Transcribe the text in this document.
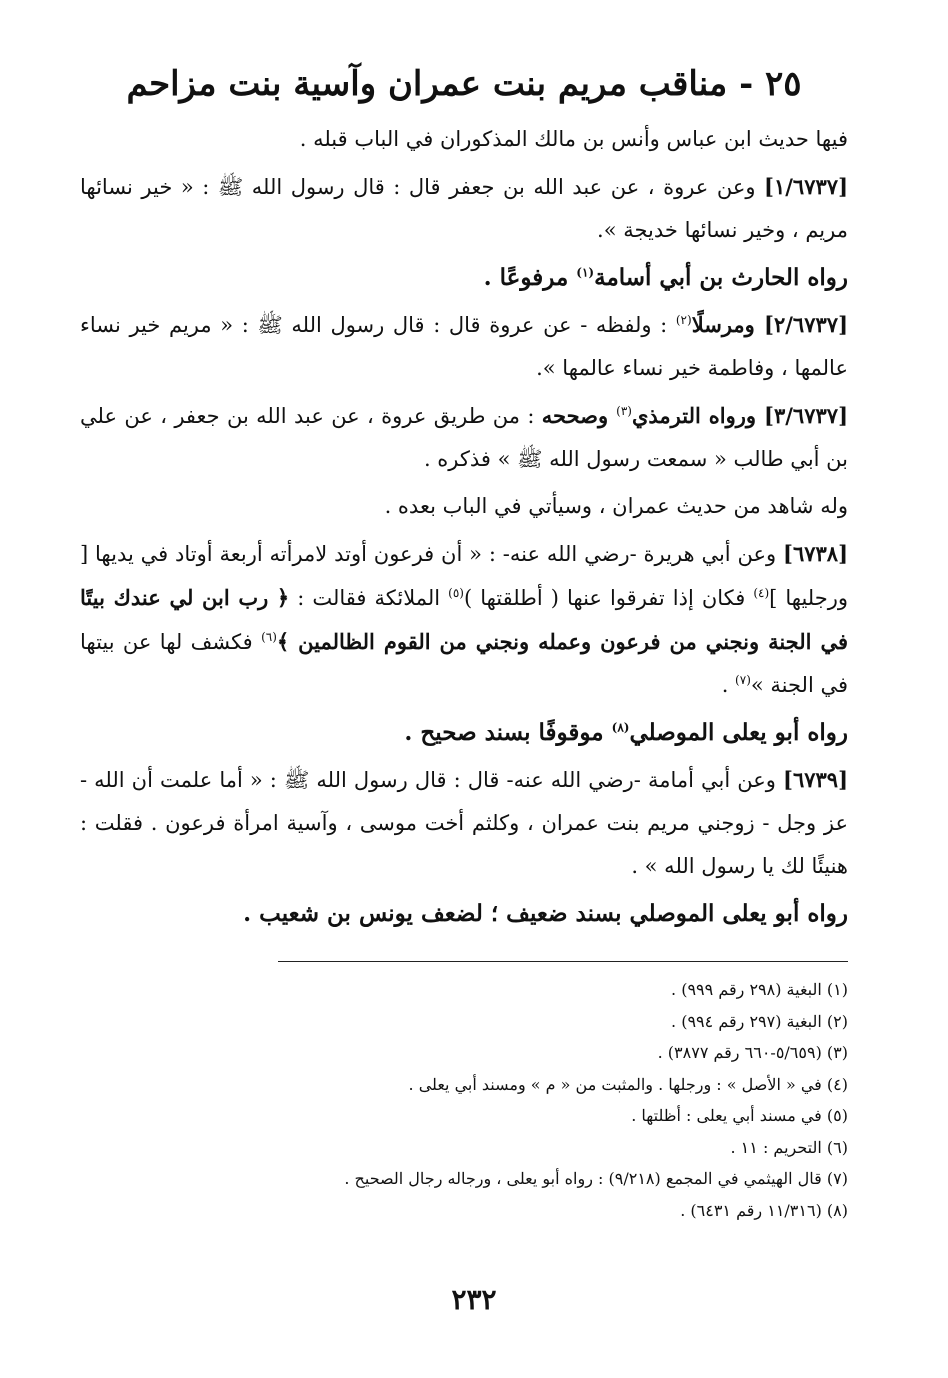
٢٥ - مناقب مريم بنت عمران وآسية بنت مزاحم

فيها حديث ابن عباس وأنس بن مالك المذكوران في الباب قبله .

[١/٦٧٣٧] وعن عروة ، عن عبد الله بن جعفر قال : قال رسول الله ﷺ : « خير نسائها مريم ، وخير نسائها خديجة ».

رواه الحارث بن أبي أسامة$^{(١)}$ مرفوعًا .

[٢/٦٧٣٧] ومرسلًا$^{(٢)}$ : ولفظه - عن عروة قال : قال رسول الله ﷺ : « مريم خير نساء عالمها ، وفاطمة خير نساء عالمها ».

[٣/٦٧٣٧] ورواه الترمذي$^{(٣)}$ وصححه : من طريق عروة ، عن عبد الله بن جعفر ، عن علي بن أبي طالب « سمعت رسول الله ﷺ » فذكره .

وله شاهد من حديث عمران ، وسيأتي في الباب بعده .

[٦٧٣٨] وعن أبي هريرة -رضي الله عنه- : « أن فرعون أوتد لامرأته أربعة أوتاد في يديها [ ورجليها ]$^{(٤)}$ فكان إذا تفرقوا عنها ( أطلقتها )$^{(٥)}$ الملائكة فقالت : ﴿ رب ابن لي عندك بيتًا في الجنة ونجني من فرعون وعمله ونجني من القوم الظالمين ﴾$^{(٦)}$ فكشف لها عن بيتها في الجنة »$^{(٧)}$ .

رواه أبو يعلى الموصلي$^{(٨)}$ موقوفًا بسند صحيح .

[٦٧٣٩] وعن أبي أمامة -رضي الله عنه- قال : قال رسول الله ﷺ : « أما علمت أن الله - عز وجل - زوجني مريم بنت عمران ، وكلثم أخت موسى ، وآسية امرأة فرعون . فقلت : هنيئًا لك يا رسول الله » .

رواه أبو يعلى الموصلي بسند ضعيف ؛ لضعف يونس بن شعيب .

(١) البغية (٢٩٨ رقم ٩٩٩) .
(٢) البغية (٢٩٧ رقم ٩٩٤) .
(٣) (٥/٦٥٩-٦٦٠ رقم ٣٨٧٧) .
(٤) في « الأصل » : ورجلها . والمثبت من « م » ومسند أبي يعلى .
(٥) في مسند أبي يعلى : أظلتها .
(٦) التحريم : ١١ .
(٧) قال الهيثمي في المجمع (٩/٢١٨) : رواه أبو يعلى ، ورجاله رجال الصحيح .
(٨) (١١/٣١٦ رقم ٦٤٣١) .
٢٣٢
